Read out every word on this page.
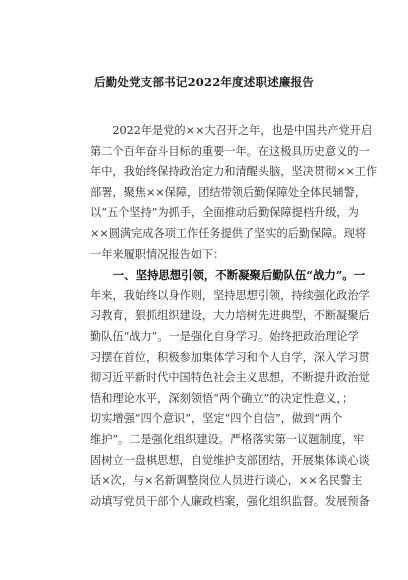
后勤处党支部书记2022年度述职述廉报告
　　2022年是党的××大召开之年，也是中国共产党开启
第二个百年奋斗目标的重要一年。在这极具历史意义的一
年中，我始终保持政治定力和清醒头脑，坚决贯彻××工作
部署，聚焦××保障，团结带领后勤保障处全体民辅警，
以“五个坚持”为抓手，全面推动后勤保障提档升级，为
××圆满完成各项工作任务提供了坚实的后勤保障。现将
一年来履职情况报告如下：
　　一、坚持思想引领，不断凝聚后勤队伍“战力”。一
年来，我始终以身作则，坚持思想引领，持续强化政治学
习教育，狠抓组织建设，大力培树先进典型，不断凝聚后
勤队伍“战力”。一是强化自身学习。始终把政治理论学
习摆在首位，积极参加集体学习和个人自学，深入学习贯
彻习近平新时代中国特色社会主义思想，不断提升政治觉
悟和理论水平，深刻领悟“两个确立”的决定性意义，；
切实增强“四个意识”，坚定“四个自信”，做到“两个
维护”。二是强化组织建设。严格落实第一议题制度，牢
固树立一盘棋思想，自觉维护支部团结，开展集体谈心谈
话×次，与×名新调整岗位人员进行谈心，××名民警主
动填写党员干部个人廉政档案，强化组织监督。发展预备
